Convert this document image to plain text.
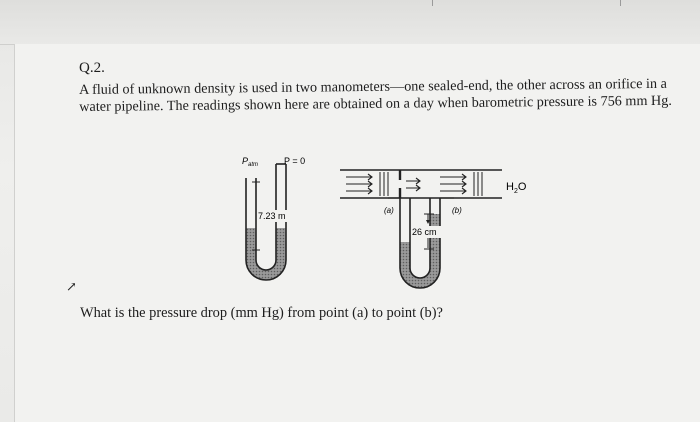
Q.2.
A fluid of unknown density is used in two manometers—one sealed-end, the other across an orifice in a water pipeline. The readings shown here are obtained on a day when barometric pressure is 756 mm Hg.
$P_{atm}$	P = 0
7.23 m
(a)	(b)
26 cm
$H_2O$
↗
What is the pressure drop (mm Hg) from point (a) to point (b)?
